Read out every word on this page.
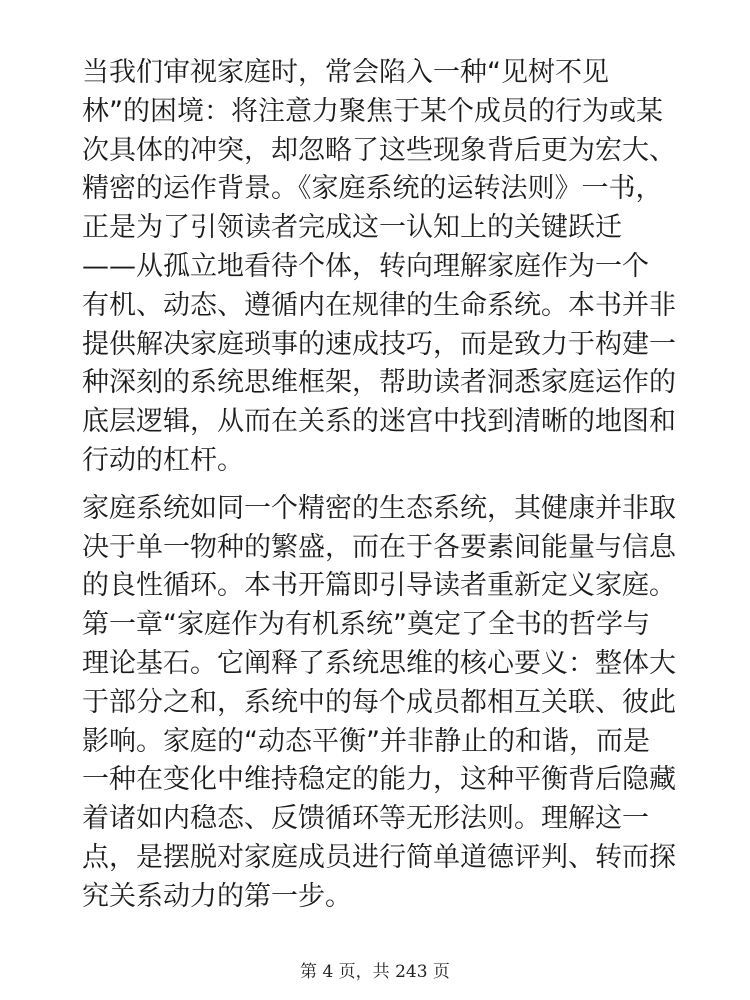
当我们审视家庭时，常会陷入一种“见树不见
林”的困境：将注意力聚焦于某个成员的行为或某
次具体的冲突，却忽略了这些现象背后更为宏大、
精密的运作背景。《家庭系统的运转法则》一书，
正是为了引领读者完成这一认知上的关键跃迁
——从孤立地看待个体，转向理解家庭作为一个
有机、动态、遵循内在规律的生命系统。本书并非
提供解决家庭琐事的速成技巧，而是致力于构建一
种深刻的系统思维框架，帮助读者洞悉家庭运作的
底层逻辑，从而在关系的迷宫中找到清晰的地图和
行动的杠杆。

家庭系统如同一个精密的生态系统，其健康并非取
决于单一物种的繁盛，而在于各要素间能量与信息
的良性循环。本书开篇即引导读者重新定义家庭。
第一章“家庭作为有机系统”奠定了全书的哲学与
理论基石。它阐释了系统思维的核心要义：整体大
于部分之和，系统中的每个成员都相互关联、彼此
影响。家庭的“动态平衡”并非静止的和谐，而是
一种在变化中维持稳定的能力，这种平衡背后隐藏
着诸如内稳态、反馈循环等无形法则。理解这一
点，是摆脱对家庭成员进行简单道德评判、转而探
究关系动力的第一步。

第 4 页，共 243 页
